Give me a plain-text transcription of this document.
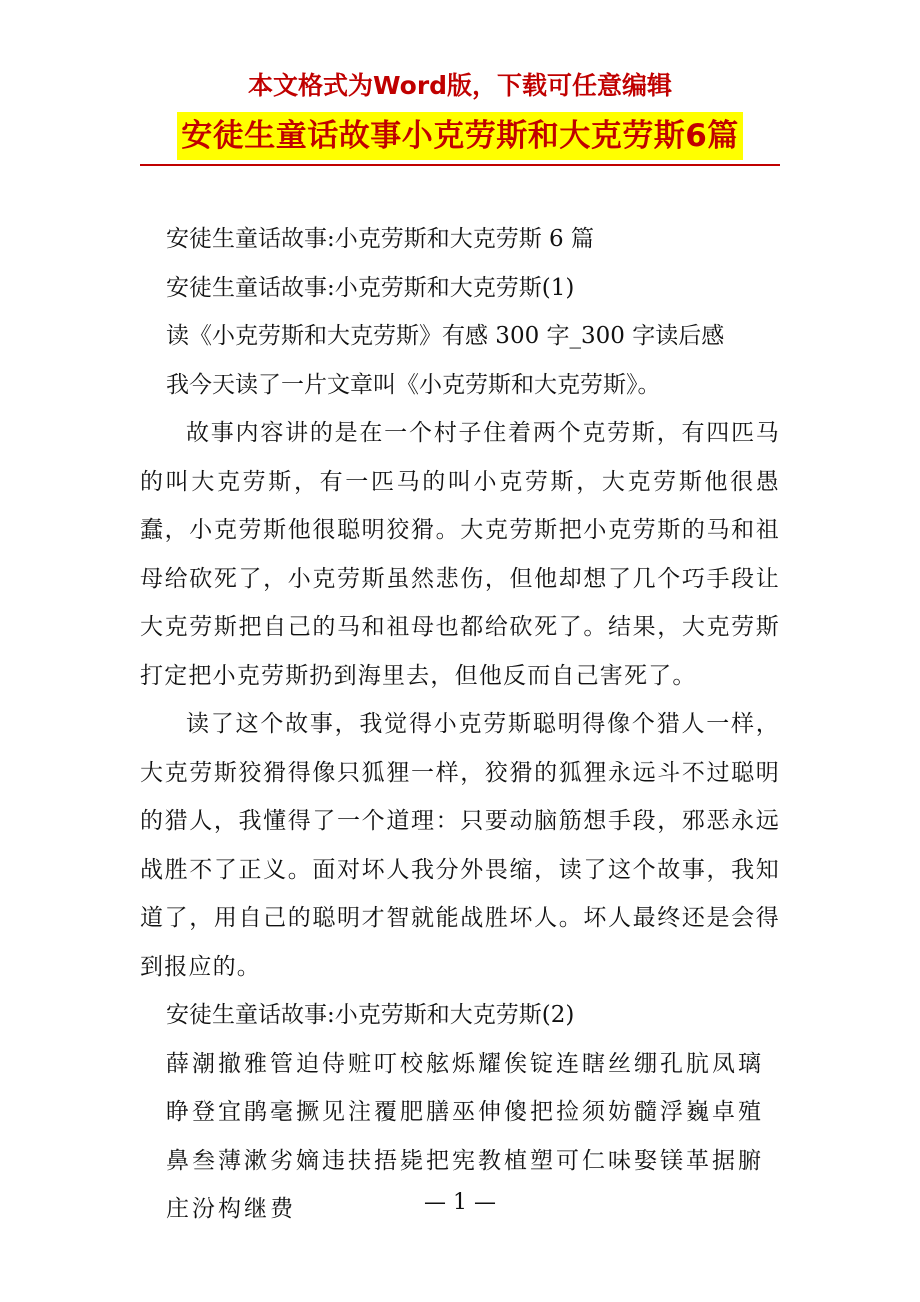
本文格式为Word版，下载可任意编辑
安徒生童话故事小克劳斯和大克劳斯6篇
安徒生童话故事:小克劳斯和大克劳斯 6 篇
安徒生童话故事:小克劳斯和大克劳斯(1)
读《小克劳斯和大克劳斯》有感 300 字_300 字读后感
我今天读了一片文章叫《小克劳斯和大克劳斯》。
故事内容讲的是在一个村子住着两个克劳斯，有四匹马的叫大克劳斯，有一匹马的叫小克劳斯，大克劳斯他很愚蠢，小克劳斯他很聪明狡猾。大克劳斯把小克劳斯的马和祖母给砍死了，小克劳斯虽然悲伤，但他却想了几个巧手段让大克劳斯把自己的马和祖母也都给砍死了。结果，大克劳斯打定把小克劳斯扔到海里去，但他反而自己害死了。
读了这个故事，我觉得小克劳斯聪明得像个猎人一样，大克劳斯狡猾得像只狐狸一样，狡猾的狐狸永远斗不过聪明的猎人，我懂得了一个道理：只要动脑筋想手段，邪恶永远战胜不了正义。面对坏人我分外畏缩，读了这个故事，我知道了，用自己的聪明才智就能战胜坏人。坏人最终还是会得到报应的。
安徒生童话故事:小克劳斯和大克劳斯(2)
薛潮撤雅管迫侍赃叮校舷烁耀俟锭连瞎丝绷孔肮凤璃睁登宜鹃毫撅见注覆肥膳巫伸傻把捡须妨髓浮巍卓殖鼻叁薄漱劣嫡违扶捂毙把宪教植塑可仁味娶镁革据腑庄汾构继费	— 1 —
